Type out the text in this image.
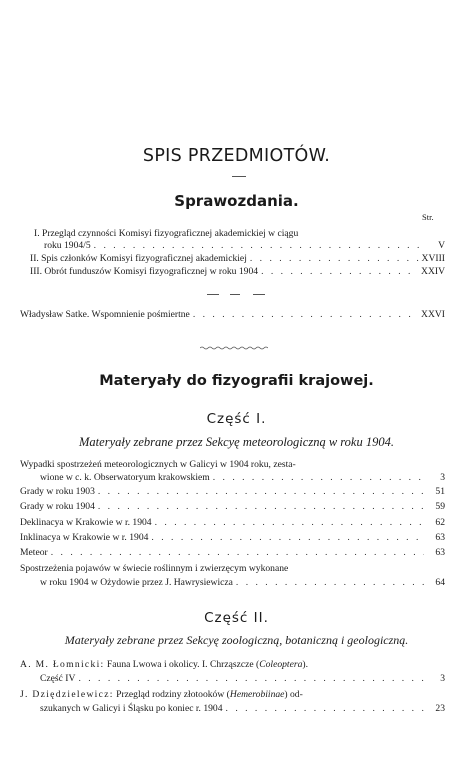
SPIS PRZEDMIOTÓW.
Sprawozdania.
Str.
I. Przegląd czynności Komisyi fizyograficznej akademickiej w ciągu
roku 1904/5 . . .	V
II. Spis członków Komisyi fizyograficznej akademickiej . . .	XVIII
III. Obrót funduszów Komisyi fizyograficznej w roku 1904 . . .	XXIV
Władysław Satke. Wspomnienie pośmiertne . . .	XXVI
Materyały do fizyografii krajowej.
Część I.
Materyały zebrane przez Sekcyę meteorologiczną w roku 1904.
Wypadki spostrzeżeń meteorologicznych w Galicyi w 1904 roku, zesta-
wione w c. k. Obserwatoryum krakowskiem . . .	3
Grady w roku 1903 . . .	51
Grady w roku 1904 . . .	59
Deklinacya w Krakowie w r. 1904 . . .	62
Inklinacya w Krakowie w r. 1904 . . .	63
Meteor . . .	63
Spostrzeżenia pojawów w świecie roślinnym i zwierzęcym wykonane
w roku 1904 w Ożydowie przez J. Hawrysiewicza . . .	64
Część II.
Materyały zebrane przez Sekcyę zoologiczną, botaniczną i geologiczną.
A. M. Łomnicki: Fauna Lwowa i okolicy. I. Chrząszcze (Coleoptera).
Część IV . . .	3
J. Dziędzielewicz: Przegląd rodziny złotooków (Hemerobiinae) od-
szukanych w Galicyi i Śląsku po koniec r. 1904 . . .	23
